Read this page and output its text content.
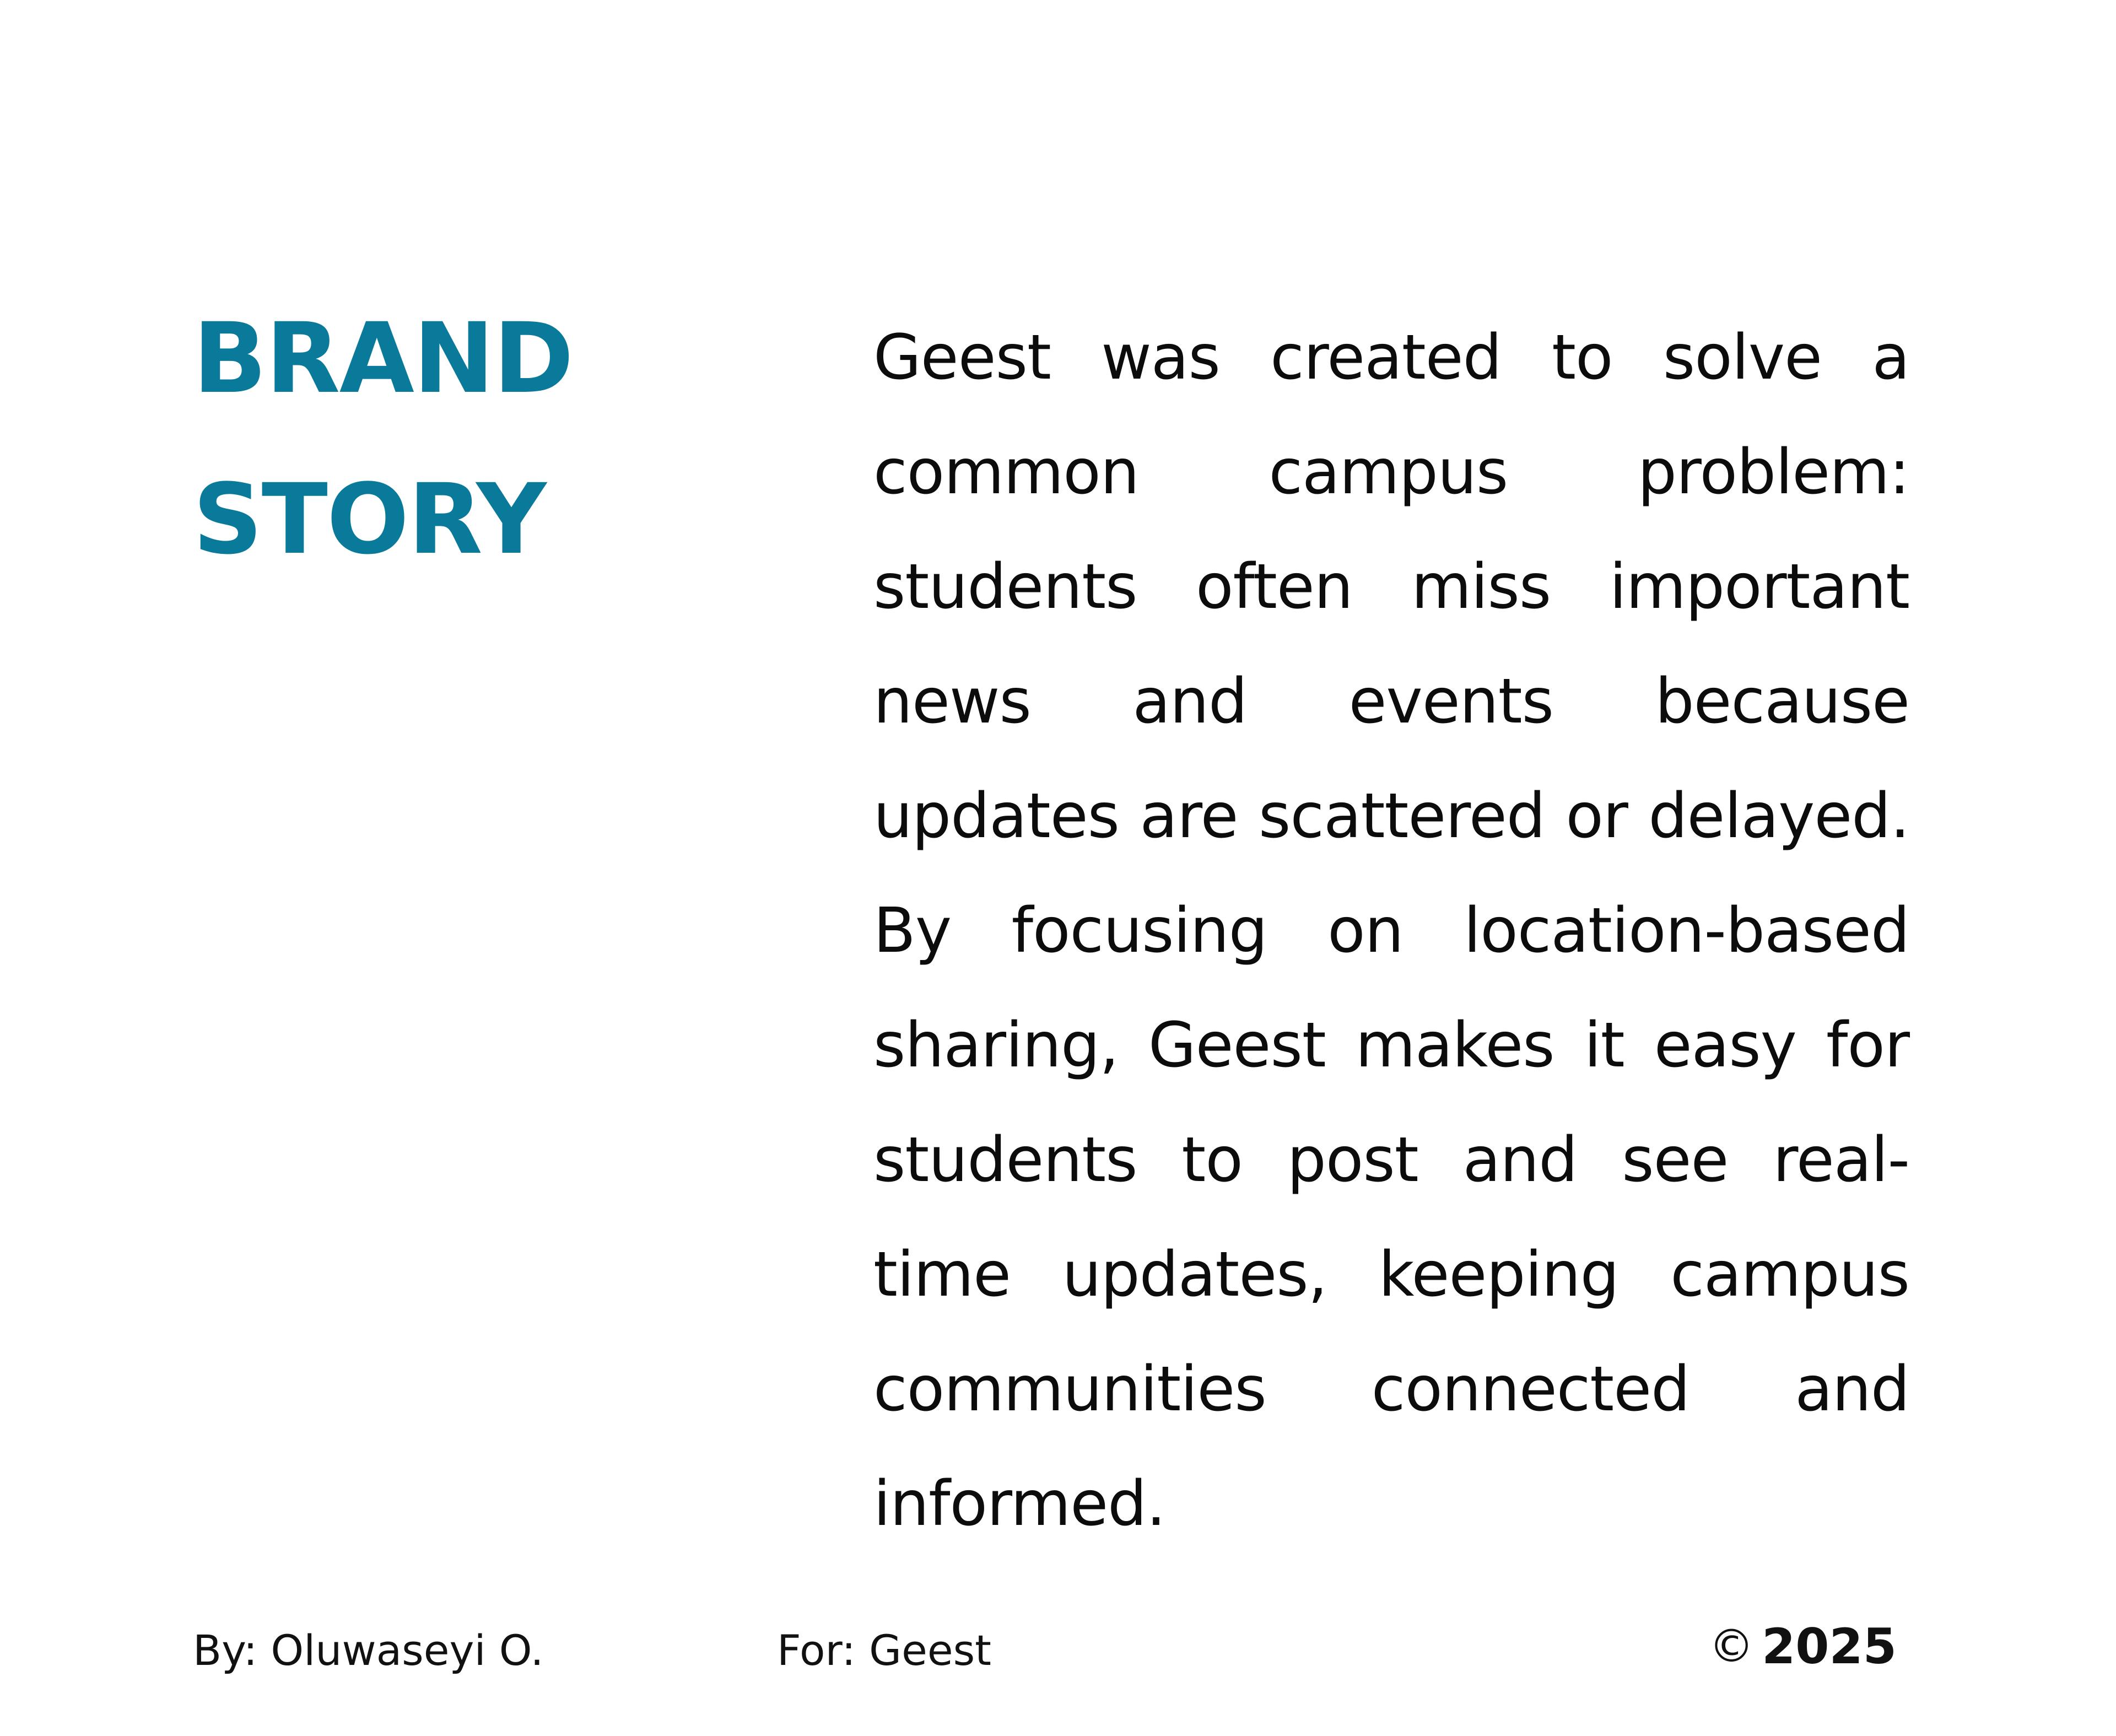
BRAND
STORY

Geest was created to solve a common campus problem: students often miss important news and events because updates are scattered or delayed. By focusing on location-based sharing, Geest makes it easy for students to post and see real-time updates, keeping campus communities connected and informed.

By: Oluwaseyi O.	For: Geest	© 2025
